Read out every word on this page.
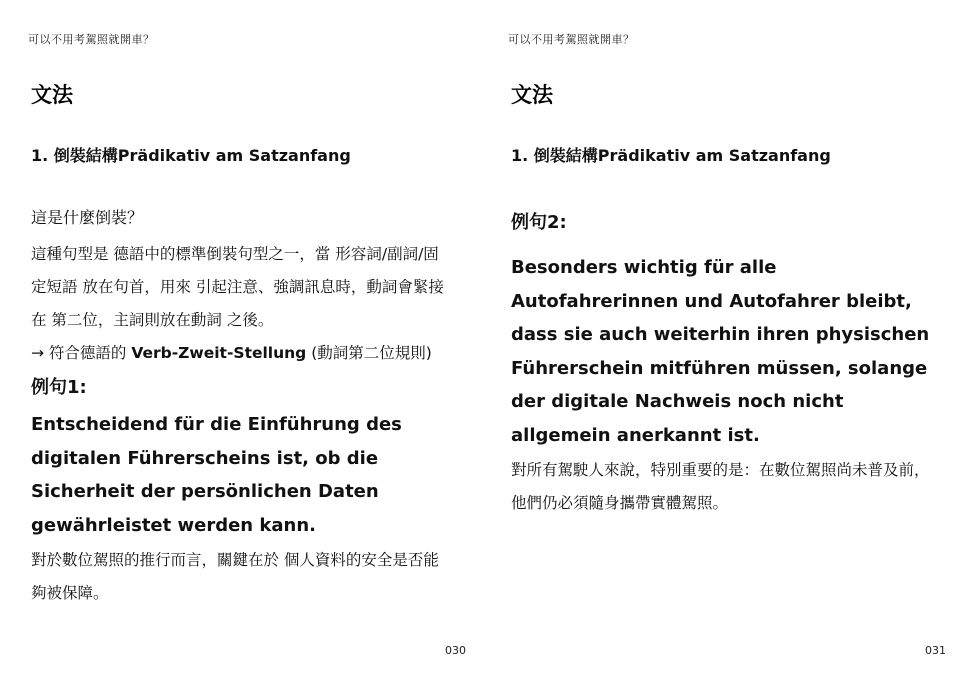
可以不用考駕照就開車？
文法
1. 倒裝結構Prädikativ am Satzanfang

這是什麼倒裝？

這種句型是 德語中的標準倒裝句型之一，當 形容詞/副詞/固定短語 放在句首，用來 引起注意、強調訊息時，動詞會緊接在 第二位，主詞則放在動詞 之後。

→ 符合德語的 Verb-Zweit-Stellung (動詞第二位規則)

例句1:

Entscheidend für die Einführung des digitalen Führerscheins ist, ob die Sicherheit der persönlichen Daten gewährleistet werden kann.

對於數位駕照的推行而言，關鍵在於 個人資料的安全是否能夠被保障。

030
可以不用考駕照就開車？
文法
1. 倒裝結構Prädikativ am Satzanfang

例句2:

Besonders wichtig für alle Autofahrerinnen und Autofahrer bleibt, dass sie auch weiterhin ihren physischen Führerschein mitführen müssen, solange der digitale Nachweis noch nicht allgemein anerkannt ist.

對所有駕駛人來說，特別重要的是：在數位駕照尚未普及前，他們仍必須隨身攜帶實體駕照。

031
